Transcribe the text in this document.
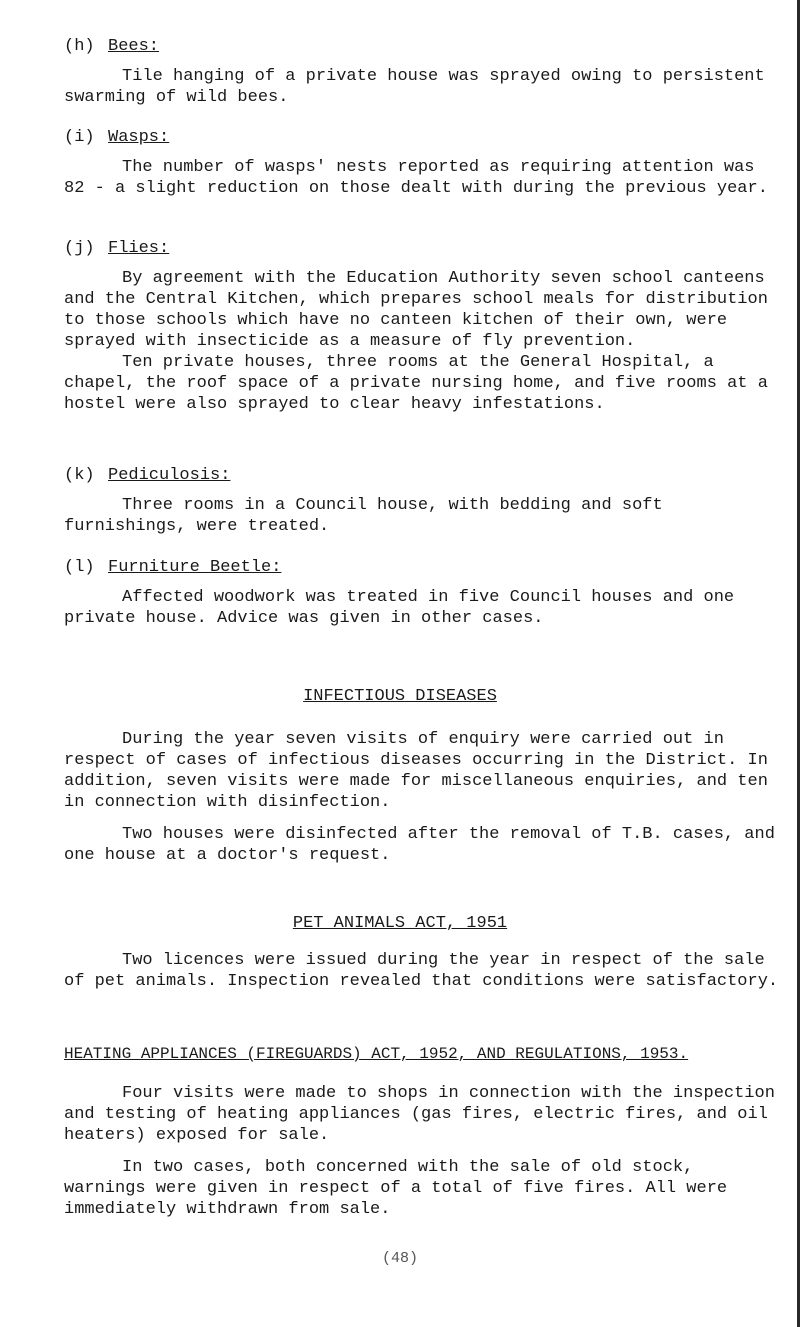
(h) Bees:

Tile hanging of a private house was sprayed owing to persistent swarming of wild bees.

(i) Wasps:

The number of wasps' nests reported as requiring attention was 82 - a slight reduction on those dealt with during the previous year.

(j) Flies:

By agreement with the Education Authority seven school canteens and the Central Kitchen, which prepares school meals for distribution to those schools which have no canteen kitchen of their own, were sprayed with insecticide as a measure of fly prevention.

Ten private houses, three rooms at the General Hospital, a chapel, the roof space of a private nursing home, and five rooms at a hostel were also sprayed to clear heavy infestations.

(k) Pediculosis:

Three rooms in a Council house, with bedding and soft furnishings, were treated.

(l) Furniture Beetle:

Affected woodwork was treated in five Council houses and one private house. Advice was given in other cases.

INFECTIOUS DISEASES

During the year seven visits of enquiry were carried out in respect of cases of infectious diseases occurring in the District. In addition, seven visits were made for miscellaneous enquiries, and ten in connection with disinfection.

Two houses were disinfected after the removal of T.B. cases, and one house at a doctor's request.

PET ANIMALS ACT, 1951

Two licences were issued during the year in respect of the sale of pet animals. Inspection revealed that conditions were satisfactory.

HEATING APPLIANCES (FIREGUARDS) ACT, 1952, AND REGULATIONS, 1953.

Four visits were made to shops in connection with the inspection and testing of heating appliances (gas fires, electric fires, and oil heaters) exposed for sale.

In two cases, both concerned with the sale of old stock, warnings were given in respect of a total of five fires. All were immediately withdrawn from sale.

(48)
